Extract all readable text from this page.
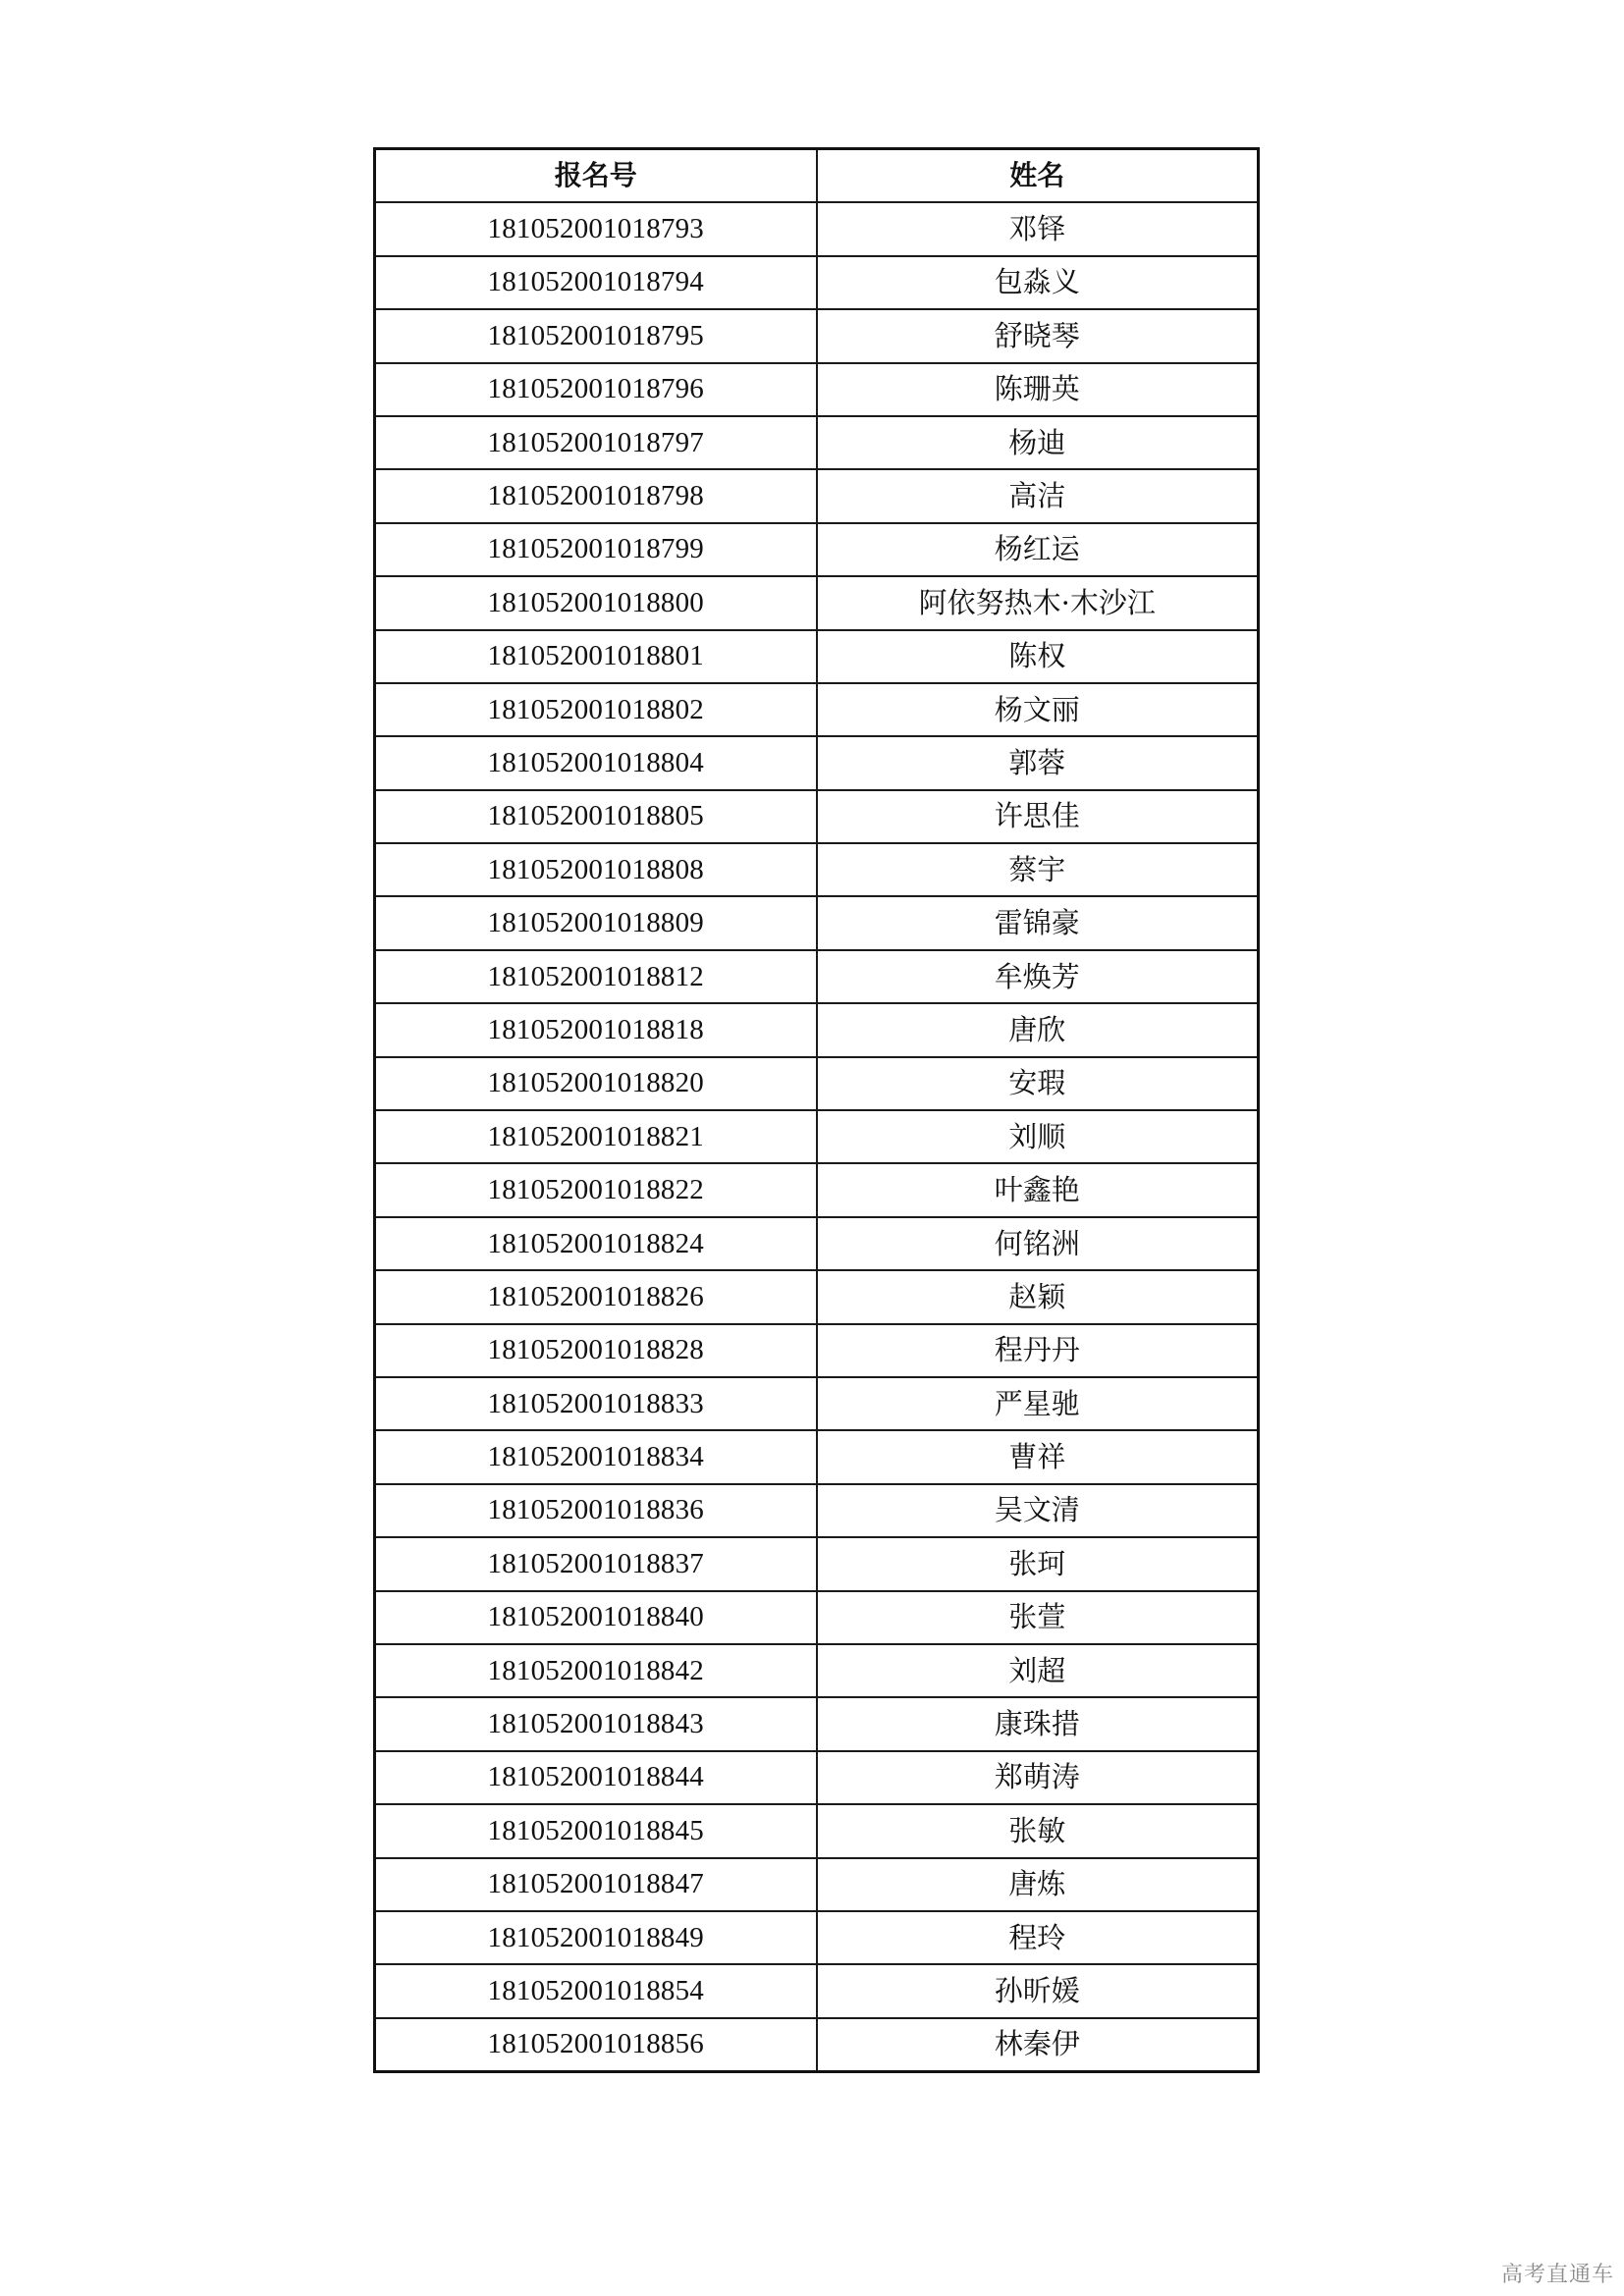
报名号	姓名
181052001018793	邓铎
181052001018794	包淼义
181052001018795	舒晓琴
181052001018796	陈珊英
181052001018797	杨迪
181052001018798	高洁
181052001018799	杨红运
181052001018800	阿依努热木·木沙江
181052001018801	陈权
181052001018802	杨文丽
181052001018804	郭蓉
181052001018805	许思佳
181052001018808	蔡宇
181052001018809	雷锦豪
181052001018812	牟焕芳
181052001018818	唐欣
181052001018820	安瑕
181052001018821	刘顺
181052001018822	叶鑫艳
181052001018824	何铭洲
181052001018826	赵颖
181052001018828	程丹丹
181052001018833	严星驰
181052001018834	曹祥
181052001018836	吴文清
181052001018837	张珂
181052001018840	张萱
181052001018842	刘超
181052001018843	康珠措
181052001018844	郑萌涛
181052001018845	张敏
181052001018847	唐炼
181052001018849	程玲
181052001018854	孙昕媛
181052001018856	林秦伊
高考直通车
